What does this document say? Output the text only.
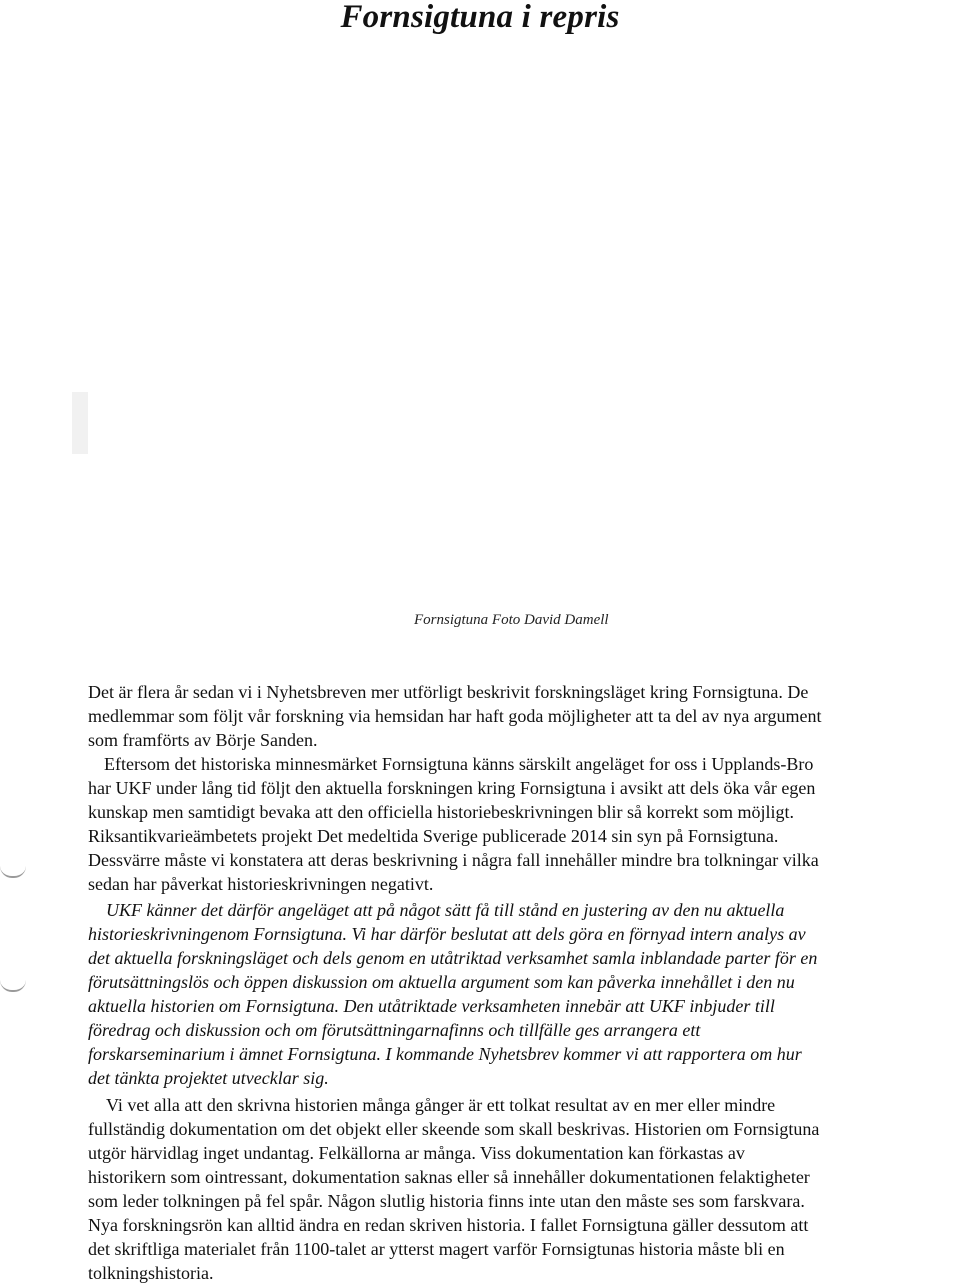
Fornsigtuna i repris
Fornsigtuna Foto David Damell
Det är flera år sedan vi i Nyhetsbreven mer utförligt beskrivit forskningsläget kring Fornsigtuna. De
medlemmar som följt vår forskning via hemsidan har haft goda möjligheter att ta del av nya argument
som framförts av Börje Sanden.
Eftersom det historiska minnesmärket Fornsigtuna känns särskilt angeläget for oss i Upplands-Bro
har UKF under lång tid följt den aktuella forskningen kring Fornsigtuna i avsikt att dels öka vår egen
kunskap men samtidigt bevaka att den officiella historiebeskrivningen blir så korrekt som möjligt.
Riksantikvarieämbetets projekt Det medeltida Sverige publicerade 2014 sin syn på Fornsigtuna.
Dessvärre måste vi konstatera att deras beskrivning i några fall innehåller mindre bra tolkningar vilka
sedan har påverkat historieskrivningen negativt.
UKF känner det därför angeläget att på något sätt få till stånd en justering av den nu aktuella
historieskrivningenom Fornsigtuna. Vi har därför beslutat att dels göra en förnyad intern analys av
det aktuella forskningsläget och dels genom en utåtriktad verksamhet samla inblandade parter för en
förutsättningslös och öppen diskussion om aktuella argument som kan påverka innehållet i den nu
aktuella historien om Fornsigtuna. Den utåtriktade verksamheten innebär att UKF inbjuder till
föredrag och diskussion och om förutsättningarnafinns och tillfälle ges arrangera ett
forskarseminarium i ämnet Fornsigtuna. I kommande Nyhetsbrev kommer vi att rapportera om hur
det tänkta projektet utvecklar sig.
Vi vet alla att den skrivna historien många gånger är ett tolkat resultat av en mer eller mindre
fullständig dokumentation om det objekt eller skeende som skall beskrivas. Historien om Fornsigtuna
utgör härvidlag inget undantag. Felkällorna ar många. Viss dokumentation kan förkastas av
historikern som ointressant, dokumentation saknas eller så innehåller dokumentationen felaktigheter
som leder tolkningen på fel spår. Någon slutlig historia finns inte utan den måste ses som farskvara.
Nya forskningsrön kan alltid ändra en redan skriven historia. I fallet Fornsigtuna gäller dessutom att
det skriftliga materialet från 1100-talet ar ytterst magert varför Fornsigtunas historia måste bli en
tolkningshistoria.
